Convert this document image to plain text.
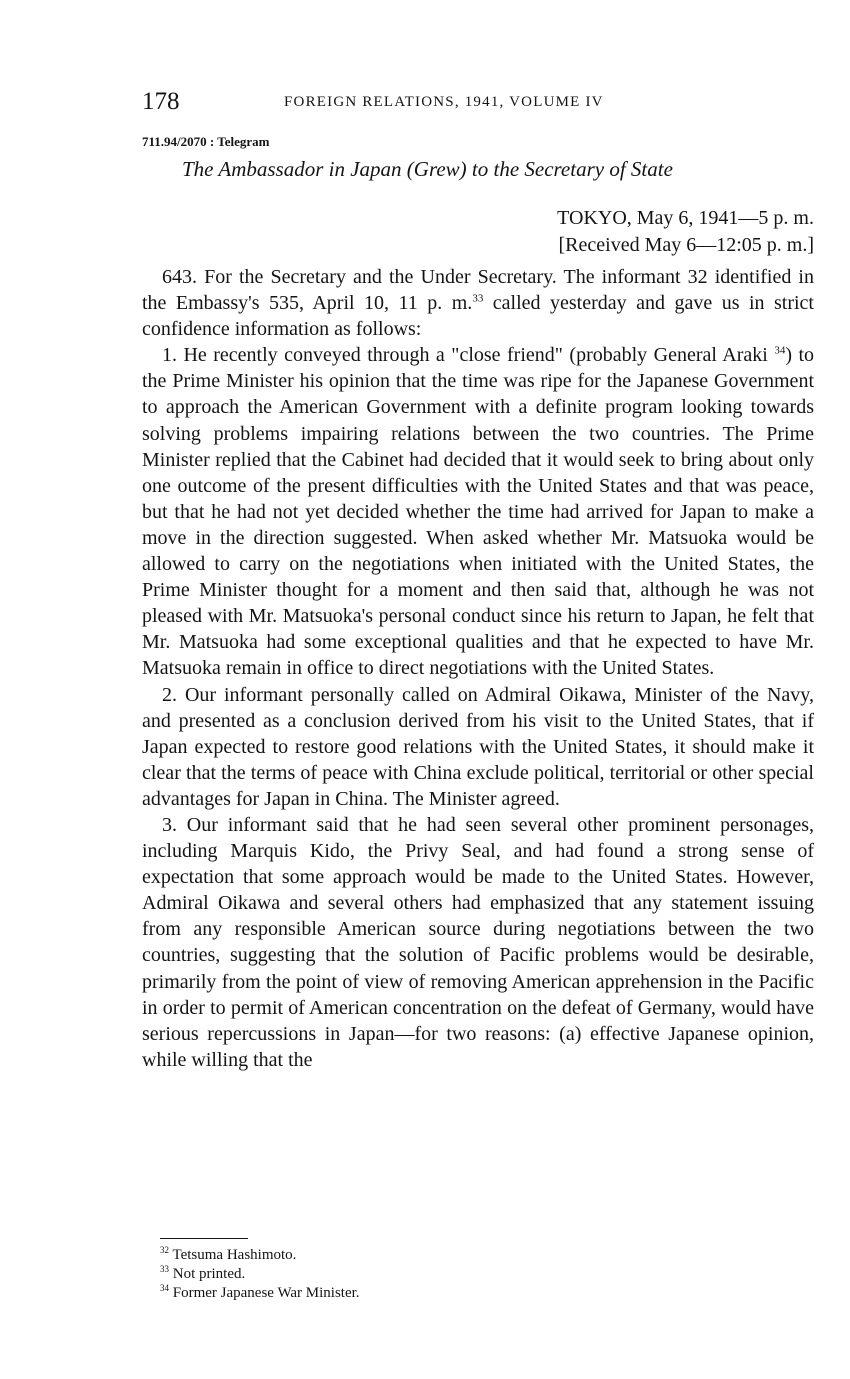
178	FOREIGN RELATIONS, 1941, VOLUME IV
711.94/2070 : Telegram
The Ambassador in Japan (Grew) to the Secretary of State
TOKYO, May 6, 1941—5 p. m.
[Received May 6—12:05 p. m.]

643. For the Secretary and the Under Secretary. The informant 32 identified in the Embassy's 535, April 10, 11 p. m.$^{33}$ called yesterday and gave us in strict confidence information as follows:

1. He recently conveyed through a "close friend" (probably General Araki $^{34}$) to the Prime Minister his opinion that the time was ripe for the Japanese Government to approach the American Government with a definite program looking towards solving problems impairing relations between the two countries. The Prime Minister replied that the Cabinet had decided that it would seek to bring about only one outcome of the present difficulties with the United States and that was peace, but that he had not yet decided whether the time had arrived for Japan to make a move in the direction suggested. When asked whether Mr. Matsuoka would be allowed to carry on the negotiations when initiated with the United States, the Prime Minister thought for a moment and then said that, although he was not pleased with Mr. Matsuoka's personal conduct since his return to Japan, he felt that Mr. Matsuoka had some exceptional qualities and that he expected to have Mr. Matsuoka remain in office to direct negotiations with the United States.

2. Our informant personally called on Admiral Oikawa, Minister of the Navy, and presented as a conclusion derived from his visit to the United States, that if Japan expected to restore good relations with the United States, it should make it clear that the terms of peace with China exclude political, territorial or other special advantages for Japan in China. The Minister agreed.

3. Our informant said that he had seen several other prominent personages, including Marquis Kido, the Privy Seal, and had found a strong sense of expectation that some approach would be made to the United States. However, Admiral Oikawa and several others had emphasized that any statement issuing from any responsible American source during negotiations between the two countries, suggesting that the solution of Pacific problems would be desirable, primarily from the point of view of removing American apprehension in the Pacific in order to permit of American concentration on the defeat of Germany, would have serious repercussions in Japan—for two reasons: (a) effective Japanese opinion, while willing that the

$^{32}$ Tetsuma Hashimoto.
$^{33}$ Not printed.
$^{34}$ Former Japanese War Minister.
